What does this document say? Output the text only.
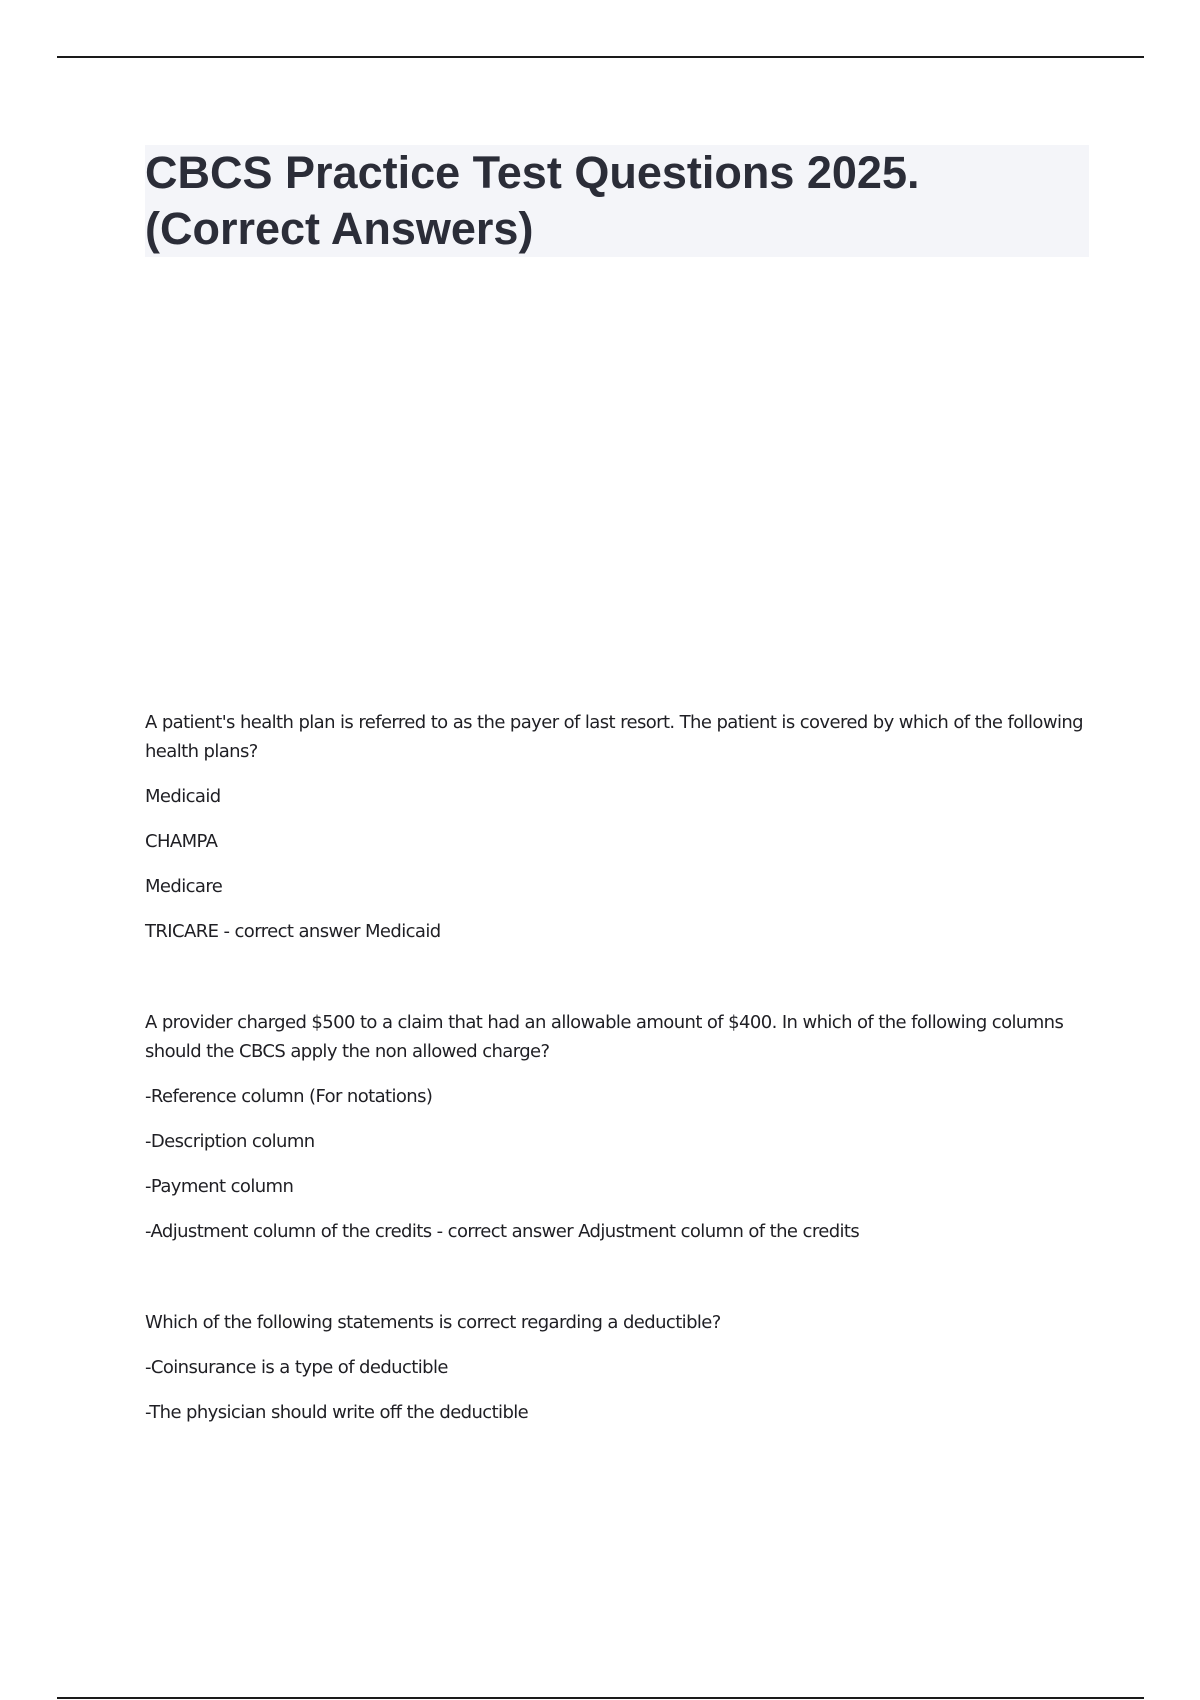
CBCS Practice Test Questions 2025.
(Correct Answers)

A patient's health plan is referred to as the payer of last resort. The patient is covered by which of the following health plans?

Medicaid

CHAMPA

Medicare

TRICARE - correct answer Medicaid

A provider charged $500 to a claim that had an allowable amount of $400. In which of the following columns should the CBCS apply the non allowed charge?

-Reference column (For notations)

-Description column

-Payment column

-Adjustment column of the credits - correct answer Adjustment column of the credits

Which of the following statements is correct regarding a deductible?

-Coinsurance is a type of deductible

-The physician should write off the deductible
